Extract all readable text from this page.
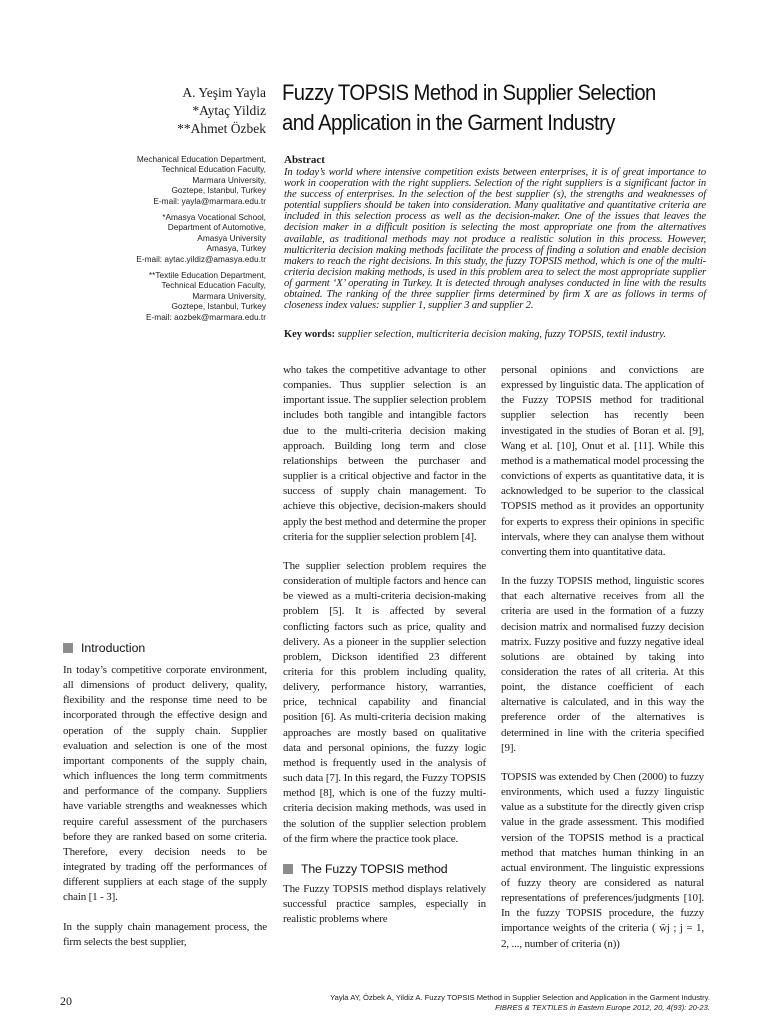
A. Yeşim Yayla
*Aytaç Yildiz
**Ahmet Özbek
Fuzzy TOPSIS Method in Supplier Selection
and Application in the Garment Industry
Mechanical Education Department,
Technical Education Faculty,
Marmara University,
Goztepe, Istanbul, Turkey
E-mail: yayla@marmara.edu.tr
*Amasya Vocational School,
Department of Automotive,
Amasya University
Amasya, Turkey
E-mail: aytac.yildiz@amasya.edu.tr
**Textile Education Department,
Technical Education Faculty,
Marmara University,
Goztepe, Istanbul, Turkey
E-mail: aozbek@marmara.edu.tr
Abstract
In today’s world where intensive competition exists between enterprises, it is of great importance to work in cooperation with the right suppliers. Selection of the right suppliers is a significant factor in the success of enterprises. In the selection of the best supplier (s), the strengths and weaknesses of potential suppliers should be taken into consideration. Many qualitative and quantitative criteria are included in this selection process as well as the decision-maker. One of the issues that leaves the decision maker in a difficult position is selecting the most appropriate one from the alternatives available, as traditional methods may not produce a realistic solution in this process. However, multicriteria decision making methods facilitate the process of finding a solution and enable decision makers to reach the right decisions. In this study, the fuzzy TOPSIS method, which is one of the multi-criteria decision making methods, is used in this problem area to select the most appropriate supplier of garment ‘X’ operating in Turkey. It is detected through analyses conducted in line with the results obtained. The ranking of the three supplier firms determined by firm X are as follows in terms of closeness index values: supplier 1, supplier 3 and supplier 2.
Key words: supplier selection, multicriteria decision making, fuzzy TOPSIS, textil industry.
Introduction

In today’s competitive corporate environment, all dimensions of product delivery, quality, flexibility and the response time need to be incorporated through the effective design and operation of the supply chain. Supplier evaluation and selection is one of the most important components of the supply chain, which influences the long term commitments and performance of the company. Suppliers have variable strengths and weaknesses which require careful assessment of the purchasers before they are ranked based on some criteria. Therefore, every decision needs to be integrated by trading off the performances of different suppliers at each stage of the supply chain [1 - 3].

In the supply chain management process, the firm selects the best supplier,

who takes the competitive advantage to other companies. Thus supplier selection is an important issue. The supplier selection problem includes both tangible and intangible factors due to the multi-criteria decision making approach. Building long term and close relationships between the purchaser and supplier is a critical objective and factor in the success of supply chain management. To achieve this objective, decision-makers should apply the best method and determine the proper criteria for the supplier selection problem [4].

The supplier selection problem requires the consideration of multiple factors and hence can be viewed as a multi-criteria decision-making problem [5]. It is affected by several conflicting factors such as price, quality and delivery. As a pioneer in the supplier selection problem, Dickson identified 23 different criteria for this problem including quality, delivery, performance history, warranties, price, technical capability and financial position [6]. As multi-criteria decision making approaches are mostly based on qualitative data and personal opinions, the fuzzy logic method is frequently used in the analysis of such data [7]. In this regard, the Fuzzy TOPSIS method [8], which is one of the fuzzy multi-criteria decision making methods, was used in the solution of the supplier selection problem of the firm where the practice took place.

The Fuzzy TOPSIS method

The Fuzzy TOPSIS method displays relatively successful practice samples, especially in realistic problems where

personal opinions and convictions are expressed by linguistic data. The application of the Fuzzy TOPSIS method for traditional supplier selection has recently been investigated in the studies of Boran et al. [9], Wang et al. [10], Onut et al. [11]. While this method is a mathematical model processing the convictions of experts as quantitative data, it is acknowledged to be superior to the classical TOPSIS method as it provides an opportunity for experts to express their opinions in specific intervals, where they can analyse them without converting them into quantitative data.

In the fuzzy TOPSIS method, linguistic scores that each alternative receives from all the criteria are used in the formation of a fuzzy decision matrix and normalised fuzzy decision matrix. Fuzzy positive and fuzzy negative ideal solutions are obtained by taking into consideration the rates of all criteria. At this point, the distance coefficient of each alternative is calculated, and in this way the preference order of the alternatives is determined in line with the criteria specified [9].

TOPSIS was extended by Chen (2000) to fuzzy environments, which used a fuzzy linguistic value as a substitute for the directly given crisp value in the grade assessment. This modified version of the TOPSIS method is a practical method that matches human thinking in an actual environment. The linguistic expressions of fuzzy theory are considered as natural representations of preferences/judgments [10]. In the fuzzy TOPSIS procedure, the fuzzy importance weights of the criteria ( w̃j ; j = 1, 2, ..., number of criteria (n))

20	Yayla AY, Özbek A, Yildiz A. Fuzzy TOPSIS Method in Supplier Selection and Application in the Garment Industry.
FIBRES & TEXTILES in Eastern Europe 2012, 20, 4(93): 20-23.
